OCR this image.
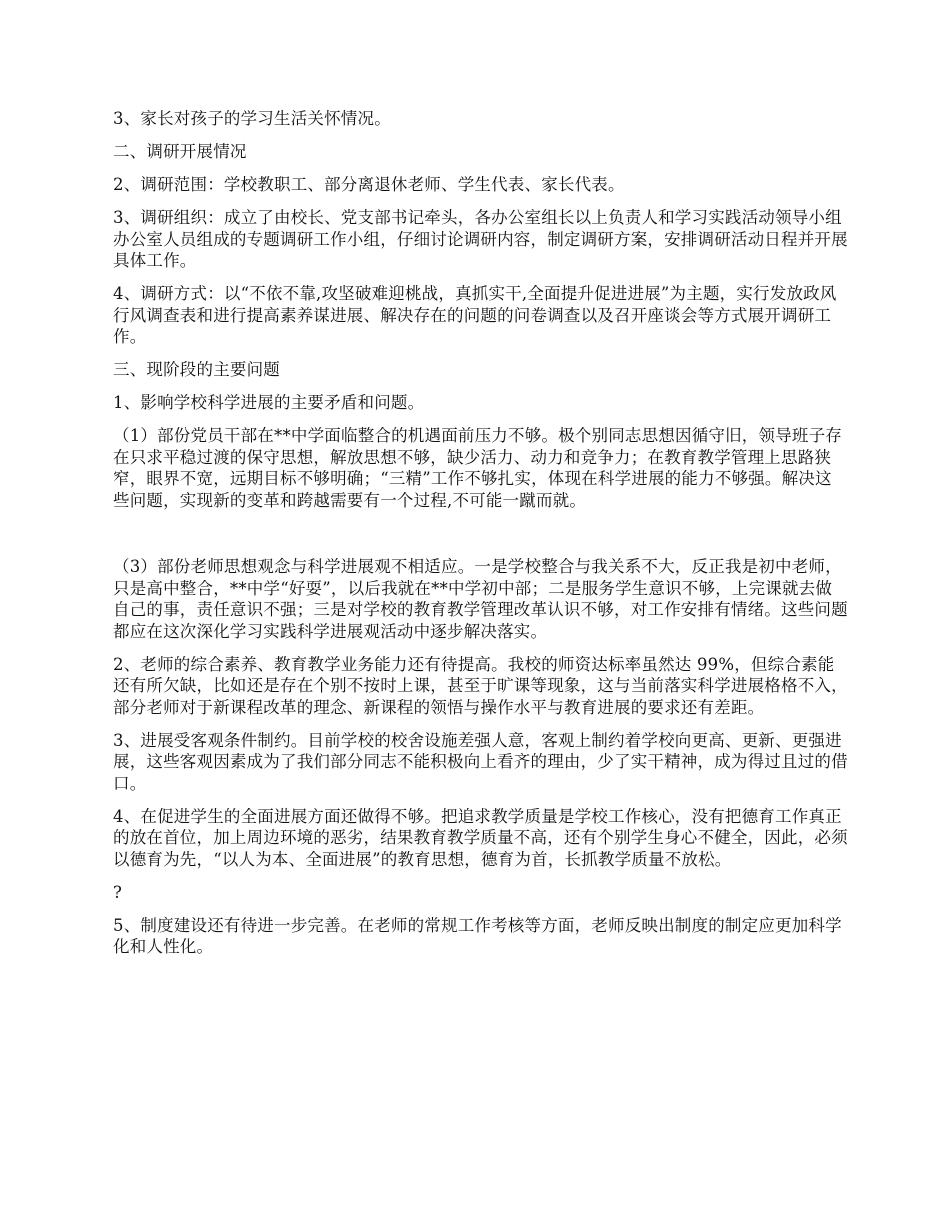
3、家长对孩子的学习生活关怀情况。

二、调研开展情况

2、调研范围：学校教职工、部分离退休老师、学生代表、家长代表。

3、调研组织：成立了由校长、党支部书记牵头，各办公室组长以上负责人和学习实践活动领导小组办公室人员组成的专题调研工作小组，仔细讨论调研内容，制定调研方案，安排调研活动日程并开展具体工作。

4、调研方式：以“不依不靠,攻坚破难迎桃战，真抓实干,全面提升促进进展”为主题，实行发放政风行风调查表和进行提高素养谋进展、解决存在的问题的问卷调查以及召开座谈会等方式展开调研工作。

三、现阶段的主要问题

1、影响学校科学进展的主要矛盾和问题。

（1）部份党员干部在**中学面临整合的机遇面前压力不够。极个别同志思想因循守旧，领导班子存在只求平稳过渡的保守思想，解放思想不够，缺少活力、动力和竞争力；在教育教学管理上思路狭窄，眼界不宽，远期目标不够明确；“三精”工作不够扎实，体现在科学进展的能力不够强。解决这些问题，实现新的变革和跨越需要有一个过程,不可能一蹴而就。

（3）部份老师思想观念与科学进展观不相适应。一是学校整合与我关系不大，反正我是初中老师，只是高中整合，**中学“好耍”，以后我就在**中学初中部；二是服务学生意识不够，上完课就去做自己的事，责任意识不强；三是对学校的教育教学管理改革认识不够，对工作安排有情绪。这些问题都应在这次深化学习实践科学进展观活动中逐步解决落实。

2、老师的综合素养、教育教学业务能力还有待提高。我校的师资达标率虽然达 99%，但综合素能还有所欠缺，比如还是存在个别不按时上课，甚至于旷课等现象，这与当前落实科学进展格格不入，部分老师对于新课程改革的理念、新课程的领悟与操作水平与教育进展的要求还有差距。

3、进展受客观条件制约。目前学校的校舍设施差强人意，客观上制约着学校向更高、更新、更强进展，这些客观因素成为了我们部分同志不能积极向上看齐的理由，少了实干精神，成为得过且过的借口。

4、在促进学生的全面进展方面还做得不够。把追求教学质量是学校工作核心，没有把德育工作真正的放在首位，加上周边环境的恶劣，结果教育教学质量不高，还有个别学生身心不健全，因此，必须以德育为先，“以人为本、全面进展”的教育思想，德育为首，长抓教学质量不放松。

?

5、制度建设还有待进一步完善。在老师的常规工作考核等方面，老师反映出制度的制定应更加科学化和人性化。
